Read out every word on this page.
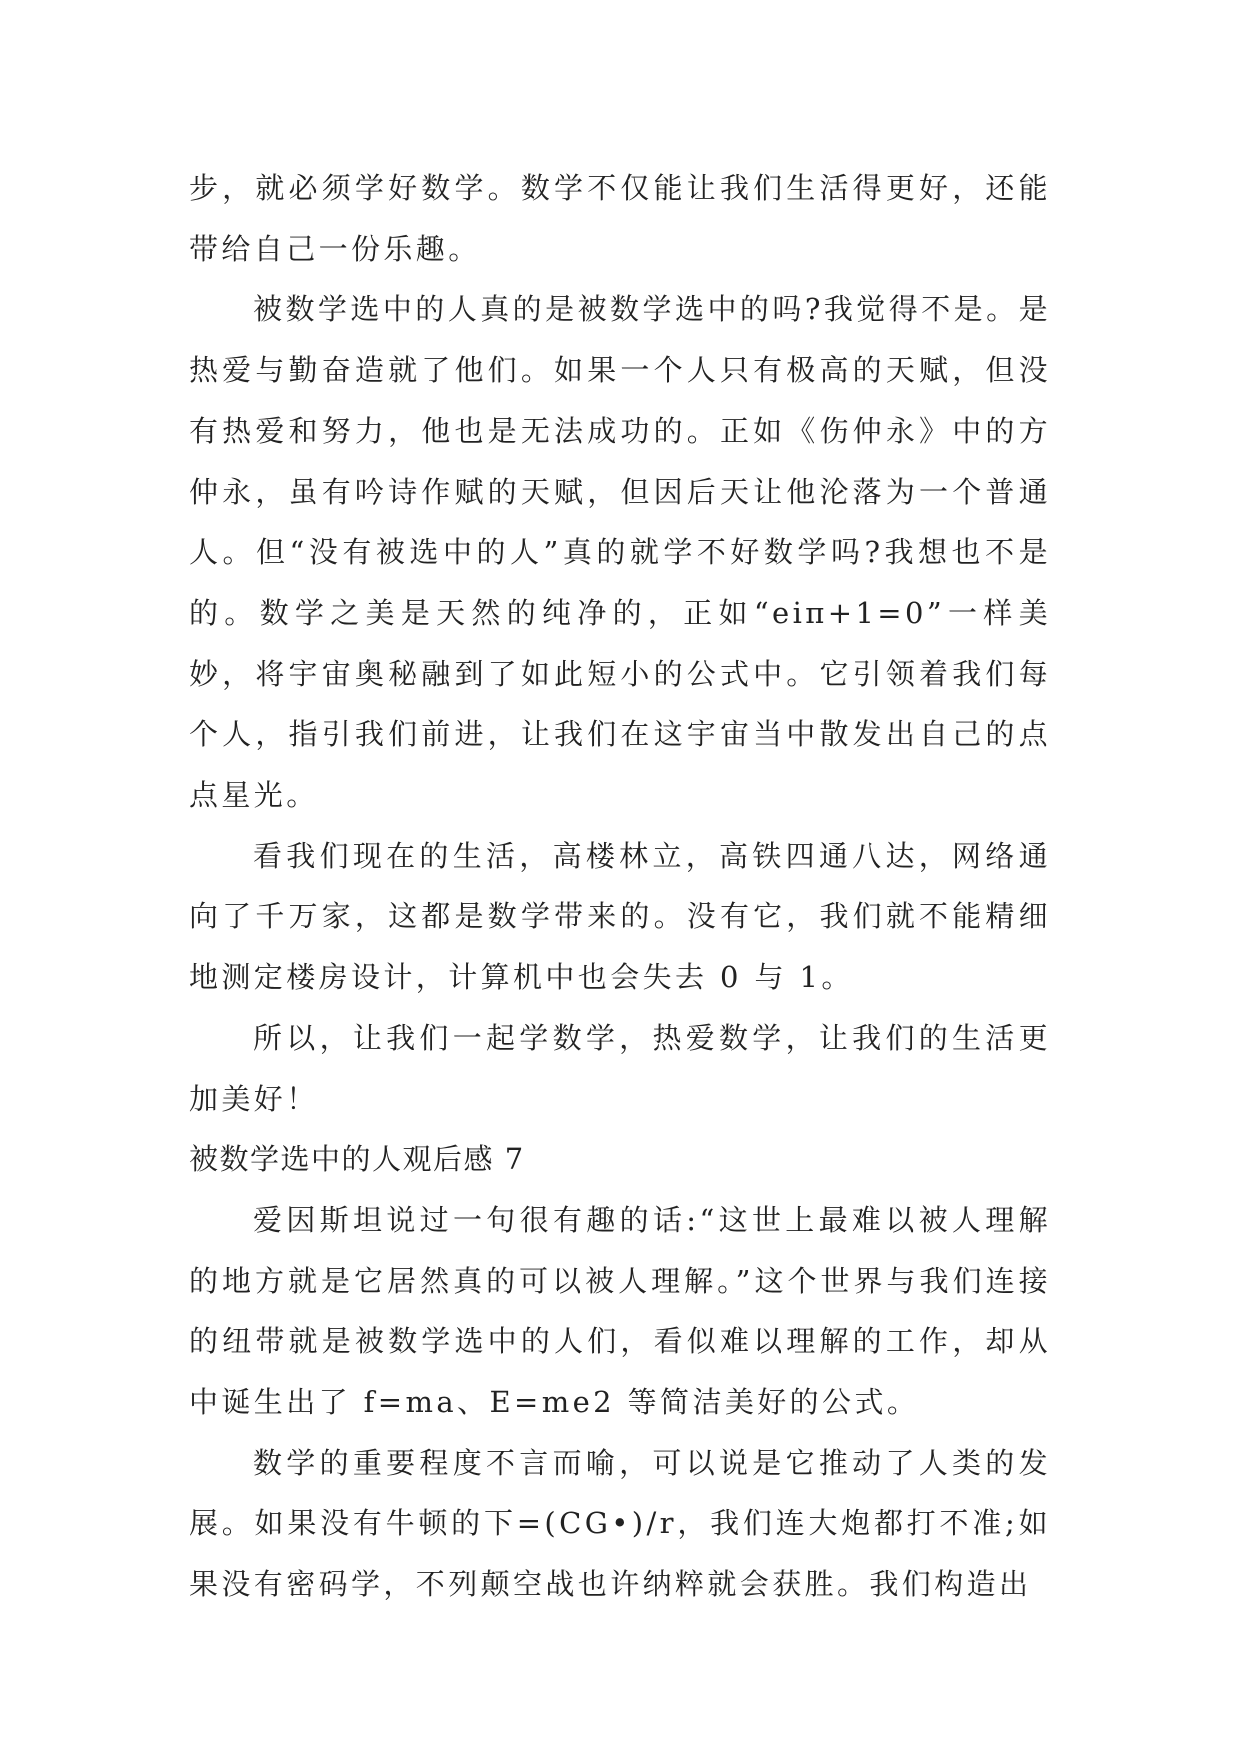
步，就必须学好数学。数学不仅能让我们生活得更好，还能带给自己一份乐趣。

被数学选中的人真的是被数学选中的吗?我觉得不是。是热爱与勤奋造就了他们。如果一个人只有极高的天赋，但没有热爱和努力，他也是无法成功的。正如《伤仲永》中的方仲永，虽有吟诗作赋的天赋，但因后天让他沦落为一个普通人。但“没有被选中的人”真的就学不好数学吗?我想也不是的。数学之美是天然的纯净的，正如“eiπ+1=0”一样美妙，将宇宙奥秘融到了如此短小的公式中。它引领着我们每个人，指引我们前进，让我们在这宇宙当中散发出自己的点点星光。

看我们现在的生活，高楼林立，高铁四通八达，网络通向了千万家，这都是数学带来的。没有它，我们就不能精细地测定楼房设计，计算机中也会失去 0 与 1。

所以，让我们一起学数学，热爱数学，让我们的生活更加美好！

被数学选中的人观后感 7

爱因斯坦说过一句很有趣的话:“这世上最难以被人理解的地方就是它居然真的可以被人理解。”这个世界与我们连接的纽带就是被数学选中的人们，看似难以理解的工作，却从中诞生出了 f=ma、E=me2 等简洁美好的公式。

数学的重要程度不言而喻，可以说是它推动了人类的发展。如果没有牛顿的下=(CG•)/r，我们连大炮都打不准;如果没有密码学，不列颠空战也许纳粹就会获胜。我们构造出
